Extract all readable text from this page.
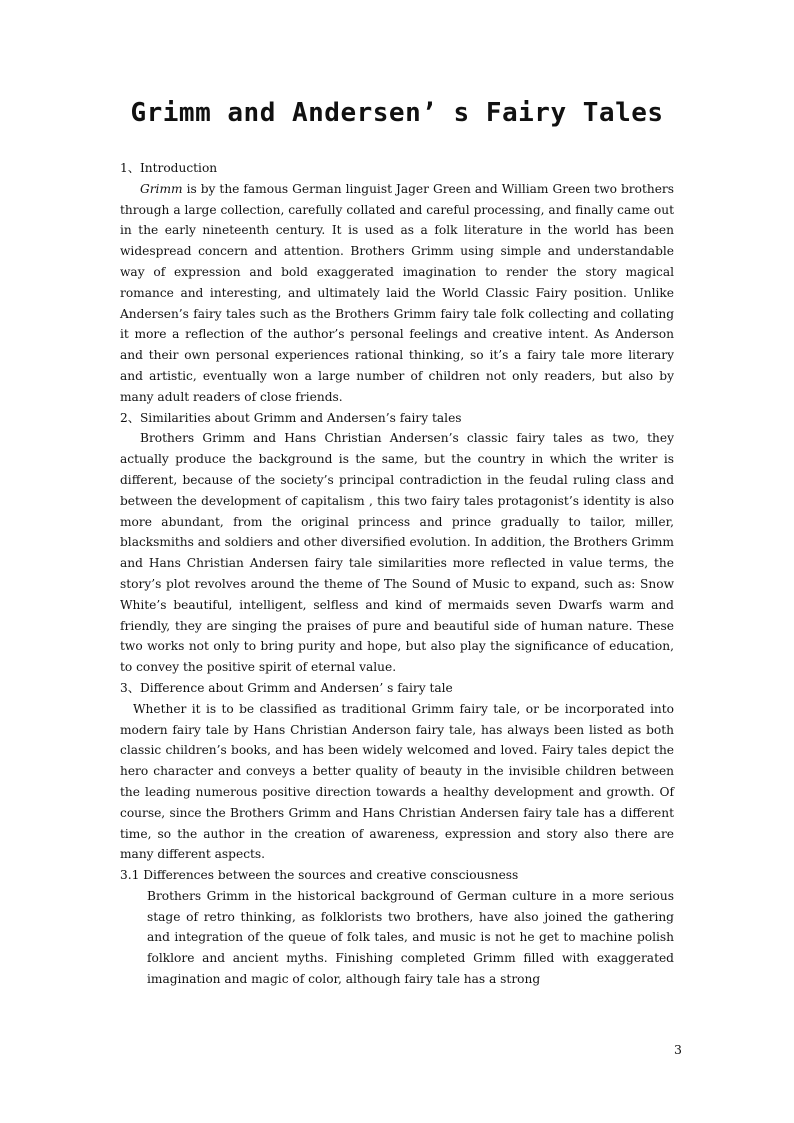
Grimm and Andersen’ s Fairy Tales

1、Introduction

Grimm is by the famous German linguist Jager Green and William Green two brothers through a large collection, carefully collated and careful processing, and finally came out in the early nineteenth century. It is used as a folk literature in the world has been widespread concern and attention. Brothers Grimm using simple and understandable way of expression and bold exaggerated imagination to render the story magical romance and interesting, and ultimately laid the World Classic Fairy position. Unlike Andersen’s fairy tales such as the Brothers Grimm fairy tale folk collecting and collating it more a reflection of the author’s personal feelings and creative intent. As Anderson and their own personal experiences rational thinking, so it’s a fairy tale more literary and artistic, eventually won a large number of children not only readers, but also by many adult readers of close friends.

2、Similarities about Grimm and Andersen’s fairy tales

Brothers Grimm and Hans Christian Andersen’s classic fairy tales as two, they actually produce the background is the same, but the country in which the writer is different, because of the society’s principal contradiction in the feudal ruling class and between the development of capitalism , this two fairy tales protagonist’s identity is also more abundant, from the original princess and prince gradually to tailor, miller, blacksmiths and soldiers and other diversified evolution. In addition, the Brothers Grimm and Hans Christian Andersen fairy tale similarities more reflected in value terms, the story’s plot revolves around the theme of The Sound of Music to expand, such as: Snow White’s beautiful, intelligent, selfless and kind of mermaids seven Dwarfs warm and friendly, they are singing the praises of pure and beautiful side of human nature. These two works not only to bring purity and hope, but also play the significance of education, to convey the positive spirit of eternal value.

3、Difference about Grimm and Andersen’ s fairy tale

Whether it is to be classified as traditional Grimm fairy tale, or be incorporated into modern fairy tale by Hans Christian Anderson fairy tale, has always been listed as both classic children’s books, and has been widely welcomed and loved. Fairy tales depict the hero character and conveys a better quality of beauty in the invisible children between the leading numerous positive direction towards a healthy development and growth. Of course, since the Brothers Grimm and Hans Christian Andersen fairy tale has a different time, so the author in the creation of awareness, expression and story also there are many different aspects.

3.1 Differences between the sources and creative consciousness

Brothers Grimm in the historical background of German culture in a more serious stage of retro thinking, as folklorists two brothers, have also joined the gathering and integration of the queue of folk tales, and music is not he get to machine polish folklore and ancient myths. Finishing completed Grimm filled with exaggerated imagination and magic of color, although fairy tale has a strong

3
